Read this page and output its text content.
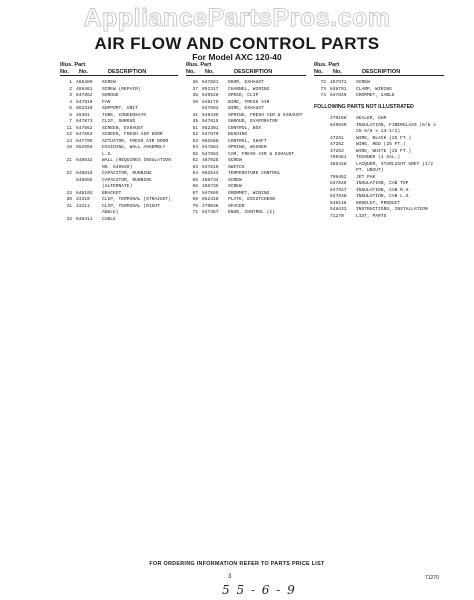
AppliancePartsPros.com
AIR FLOW AND CONTROL PARTS
For Model AXC 120-40
Illus. Part
No. No.	DESCRIPTION
1 488480 SCREW
2 488481 SCREW (REPAIR)
3 647862 SHROUD
4 647810 FAN
5 852318 SUPPORT, UNIT
6 49481	TUBE, CONDENSATE
7 647873 CLIP, SHROUD
11 647862 SCREEN, EXHAUST
12 647863 SCREEN, FRESH AIR DOOR
13 647795 ACTUATOR, FRESH AIR DOOR
19 852994 DIVIDING, WALL ASSEMBLY L.S.
21 649832 WALL (REQUIRES INSULATION NO. 649939)
22 648815 CAPACITOR, RUNNING
648855 CAPACITOR, RUNNING (ALTERNATE)
23 648103 BRACKET
30 43310	CLIP, TERMINAL (STRAIGHT)
31 43311	CLIP, TERMINAL (RIGHT ANGLE)
32 648411 CABLE
Illus. Part
No. No.	DESCRIPTION
36 647881 DOOR, EXHAUST
37 852317 CHANNEL, WIRING
38 649620 SPEED, CLIP
39 648179 WIRE, FRESH AIR
647883 WIRE, EXHAUST
41 649435 SPRING, FRESH AIR & EXHAUST
49 647815 SHROUD, EVAPORATOR
51 852301 CONTROL, BOX
52 647879 BUSHING
53 852668 CONTROL, SHAFT
54 647881 SPRING, WASHER
55 647882 CAM, FRESH AIR & EXHAUST
62 487925 SCREW
63 647819 SWITCH
64 852543 TEMPERATURE CONTROL
65 488734 SCREW
66 488735 SCREW
67 647865 GROMMET, WIRING
69 852416 PLATE, ESCUTCHEON
70 470036 SPACER
71 647487 KNOB, CONTROL (2)
Illus. Part
No. No.	DESCRIPTION
72 487871 SCREW
73 648791 CLAMP, WIRING
74 647849 GROMMET, CABLE
FOLLOWING PARTS NOT ILLUSTRATED
470168 SEALER, GUM
649939 INSULATION, FIBERGLASS (5/8 x 25-5/8 x 13-1/2)
47261	WIRE, BLACK (25 FT.)
47262	WIRE, RED (25 FT.)
47263	WIRE, WHITE (25 FT.)
799351 THINNER (1 GAL.)
485426 LACQUER, STARLIGHT GREY (1/2 PT. UNCUT)
799452 JET PAK
647846 INSULATION, CAB TOP
647847 INSULATION, CAB R.S.
647848 INSULATION, CAB L.S.
648148 BOOKLET, PRODUCT
648433 INSTRUCTIONS, INSTALLATION
71270	LIST, PARTS
FOR ORDERING INFORMATION REFER TO PARTS PRICE LIST
3	71270
5 5 - 6 - 9
